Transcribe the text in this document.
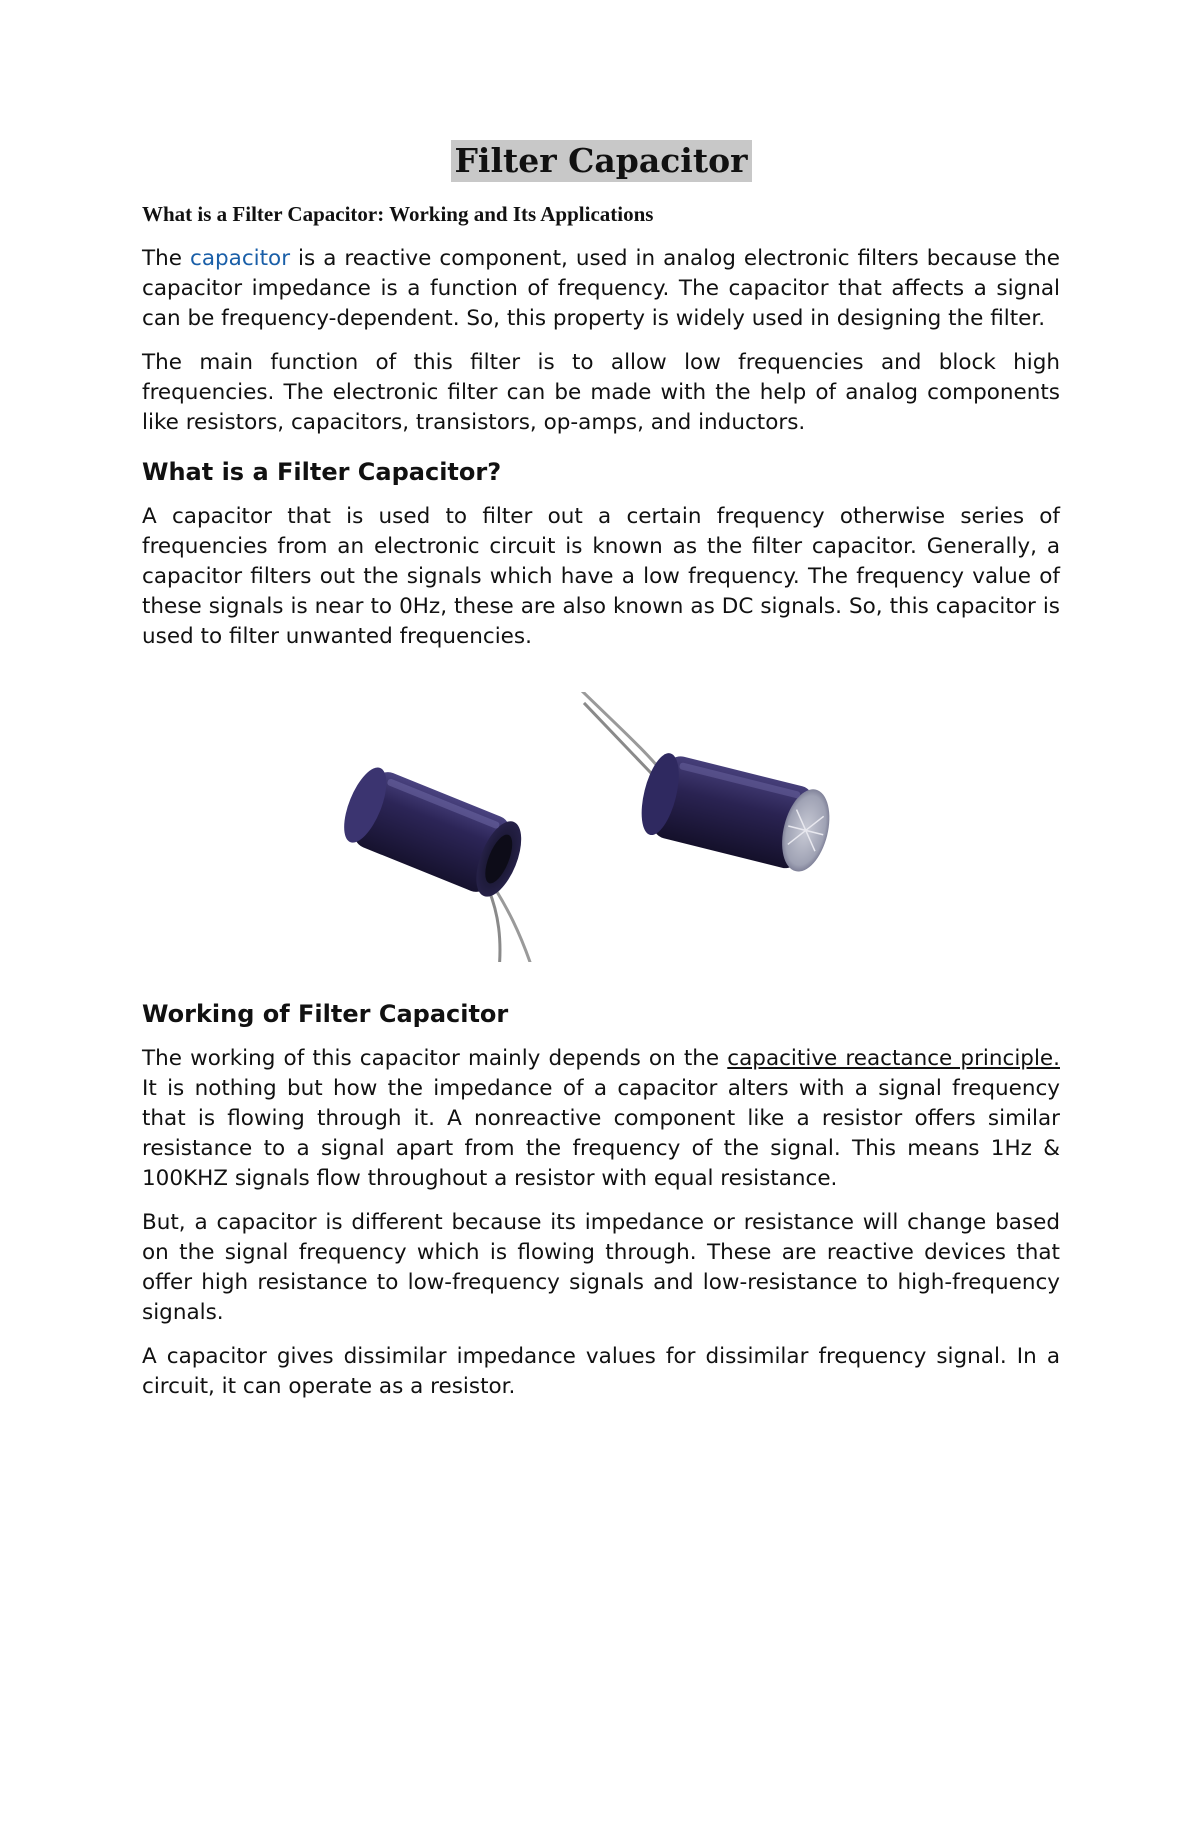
Filter Capacitor
What is a Filter Capacitor: Working and Its Applications

The capacitor is a reactive component, used in analog electronic filters because the capacitor impedance is a function of frequency. The capacitor that affects a signal can be frequency-dependent. So, this property is widely used in designing the filter.

The main function of this filter is to allow low frequencies and block high frequencies. The electronic filter can be made with the help of analog components like resistors, capacitors, transistors, op-amps, and inductors.

What is a Filter Capacitor?

A capacitor that is used to filter out a certain frequency otherwise series of frequencies from an electronic circuit is known as the filter capacitor. Generally, a capacitor filters out the signals which have a low frequency. The frequency value of these signals is near to 0Hz, these are also known as DC signals. So, this capacitor is used to filter unwanted frequencies.

Working of Filter Capacitor

The working of this capacitor mainly depends on the capacitive reactance principle. It is nothing but how the impedance of a capacitor alters with a signal frequency that is flowing through it. A nonreactive component like a resistor offers similar resistance to a signal apart from the frequency of the signal. This means 1Hz & 100KHZ signals flow throughout a resistor with equal resistance.

But, a capacitor is different because its impedance or resistance will change based on the signal frequency which is flowing through. These are reactive devices that offer high resistance to low-frequency signals and low-resistance to high-frequency signals.

A capacitor gives dissimilar impedance values for dissimilar frequency signal. In a circuit, it can operate as a resistor.
